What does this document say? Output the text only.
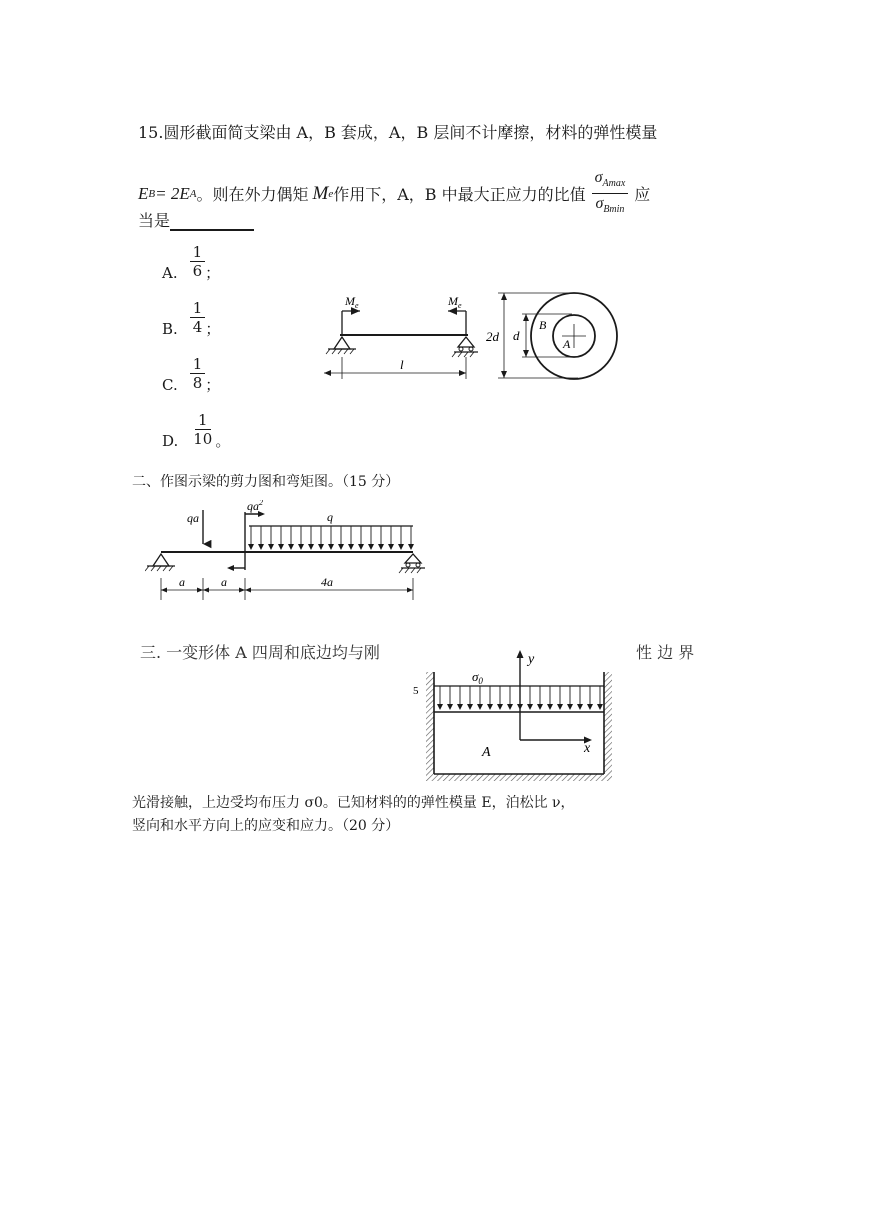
15.圆形截面简支梁由 A，B 套成，A，B 层间不计摩擦，材料的弹性模量
E B = 2E A 。则在外力偶矩 M e 作用下，A，B 中最大正应力的比值 $\frac{\sigma_{Amax}}{\sigma_{Bmin}}$ 应
当是
A. $\frac{1}{6}$ ；
B. $\frac{1}{4}$ ；
C. $\frac{1}{8}$ ；
D. $\frac{1}{10}$ 。
$M_e$	$M_e$
l
2d d
B
A
二、作图示梁的剪力图和弯矩图。（15 分）
qa
$qa^2$
q
a	a	4a
三. 一变形体 A 四周和底边均与刚	性 边 界
$\sigma_0$
5
y
x
A
光滑接触，上边受均布压力 σ0。已知材料的的弹性模量 E，泊松比 ν，
竖向和水平方向上的应变和应力。（20 分）
